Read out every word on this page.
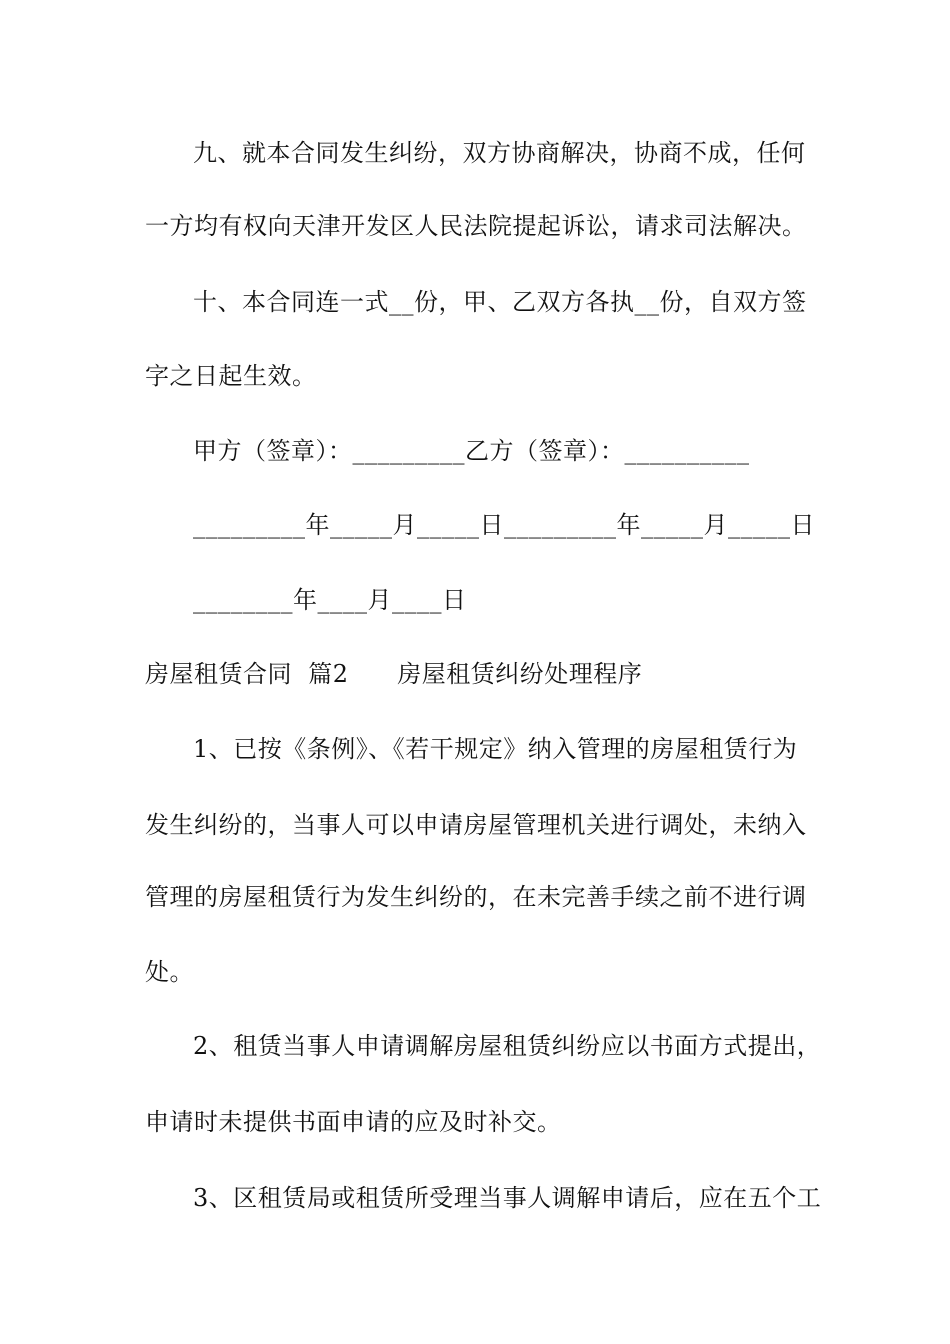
九、就本合同发生纠纷，双方协商解决，协商不成，任何
一方均有权向天津开发区人民法院提起诉讼，请求司法解决。
十、本合同连一式__份，甲、乙双方各执__份，自双方签
字之日起生效。
甲方（签章）：_________乙方（签章）：__________
_________年_____月_____日_________年_____月_____日
________年____月____日
房屋租赁合同  篇2      房屋租赁纠纷处理程序
1、已按《条例》、《若干规定》纳入管理的房屋租赁行为
发生纠纷的，当事人可以申请房屋管理机关进行调处，未纳入
管理的房屋租赁行为发生纠纷的，在未完善手续之前不进行调
处。
2、租赁当事人申请调解房屋租赁纠纷应以书面方式提出，
申请时未提供书面申请的应及时补交。
3、区租赁局或租赁所受理当事人调解申请后，应在五个工
